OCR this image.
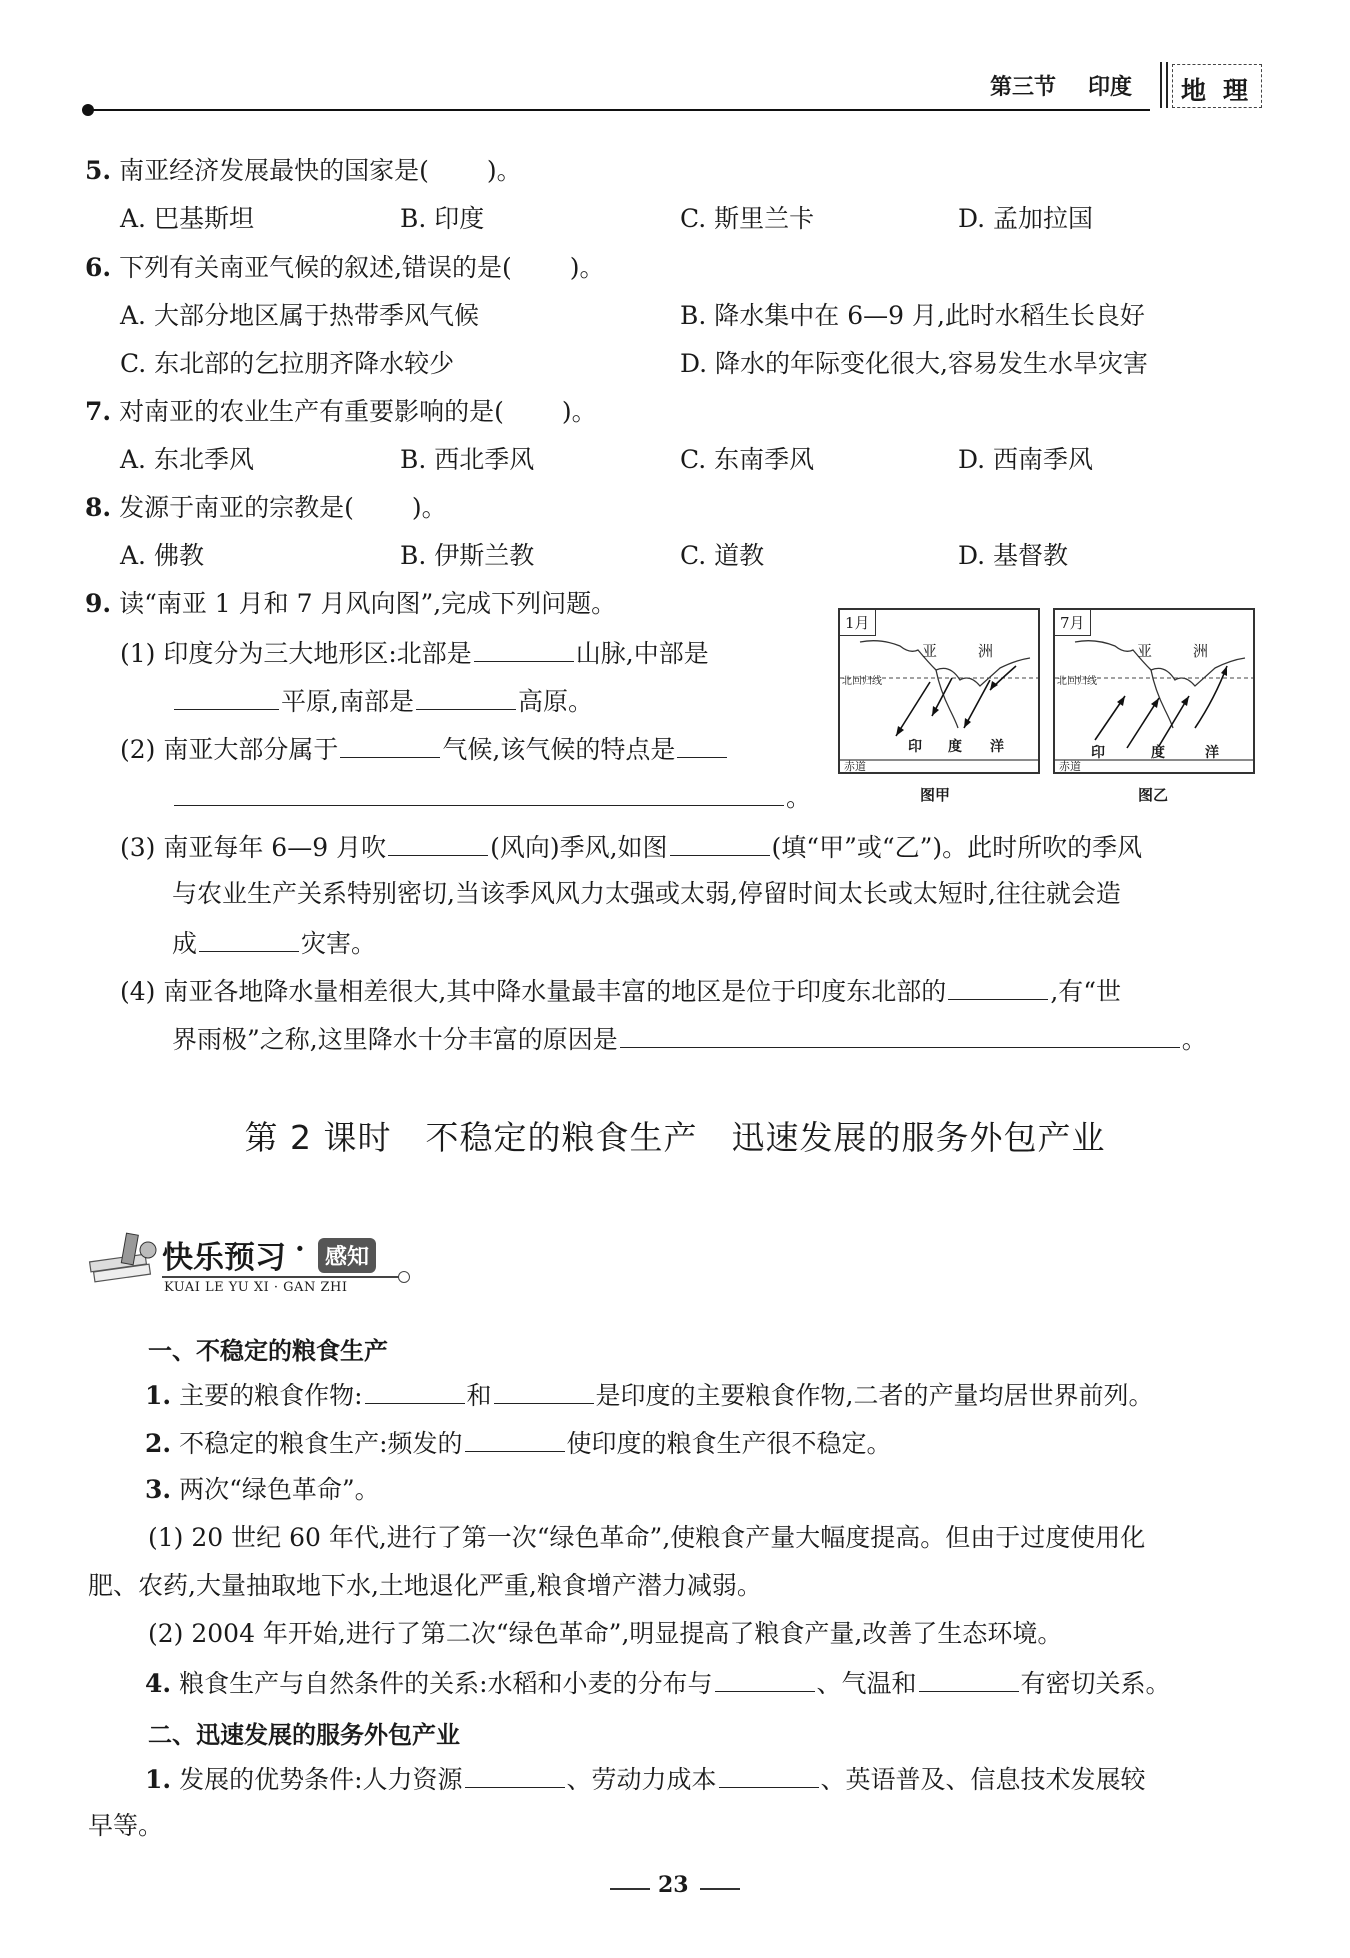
第三节 印度 地 理
5. 南亚经济发展最快的国家是( )。
A. 巴基斯坦	B. 印度	C. 斯里兰卡	D. 孟加拉国
6. 下列有关南亚气候的叙述,错误的是( )。
A. 大部分地区属于热带季风气候	B. 降水集中在 6—9 月,此时水稻生长良好
C. 东北部的乞拉朋齐降水较少	D. 降水的年际变化很大,容易发生水旱灾害
7. 对南亚的农业生产有重要影响的是( )。
A. 东北季风	B. 西北季风	C. 东南季风	D. 西南季风
8. 发源于南亚的宗教是( )。
A. 佛教	B. 伊斯兰教	C. 道教	D. 基督教
9. 读“南亚 1 月和 7 月风向图”,完成下列问题。
(1) 印度分为三大地形区:北部是	山脉,中部是
平原,南部是	高原。
(2) 南亚大部分属于	气候,该气候的特点是
。
1月
亚	洲
北回归线
印 度 洋
赤道
图甲
7月
亚	洲
北回归线
印	度	洋
赤道
图乙
(3) 南亚每年 6—9 月吹	(风向)季风,如图	(填“甲”或“乙”)。此时所吹的季风
与农业生产关系特别密切,当该季风风力太强或太弱,停留时间太长或太短时,往往就会造
成	灾害。
(4) 南亚各地降水量相差很大,其中降水量最丰富的地区是位于印度东北部的	,有“世
界雨极”之称,这里降水十分丰富的原因是	。
第 2 课时　不稳定的粮食生产　迅速发展的服务外包产业
快乐预习 · 感知
KUAI LE YU XI · GAN ZHI
一、不稳定的粮食生产
1. 主要的粮食作物:	和	是印度的主要粮食作物,二者的产量均居世界前列。
2. 不稳定的粮食生产:频发的	使印度的粮食生产很不稳定。
3. 两次“绿色革命”。
(1) 20 世纪 60 年代,进行了第一次“绿色革命”,使粮食产量大幅度提高。但由于过度使用化
肥、农药,大量抽取地下水,土地退化严重,粮食增产潜力减弱。
(2) 2004 年开始,进行了第二次“绿色革命”,明显提高了粮食产量,改善了生态环境。
4. 粮食生产与自然条件的关系:水稻和小麦的分布与	、气温和	有密切关系。
二、迅速发展的服务外包产业
1. 发展的优势条件:人力资源	、劳动力成本	、英语普及、信息技术发展较
早等。
23
